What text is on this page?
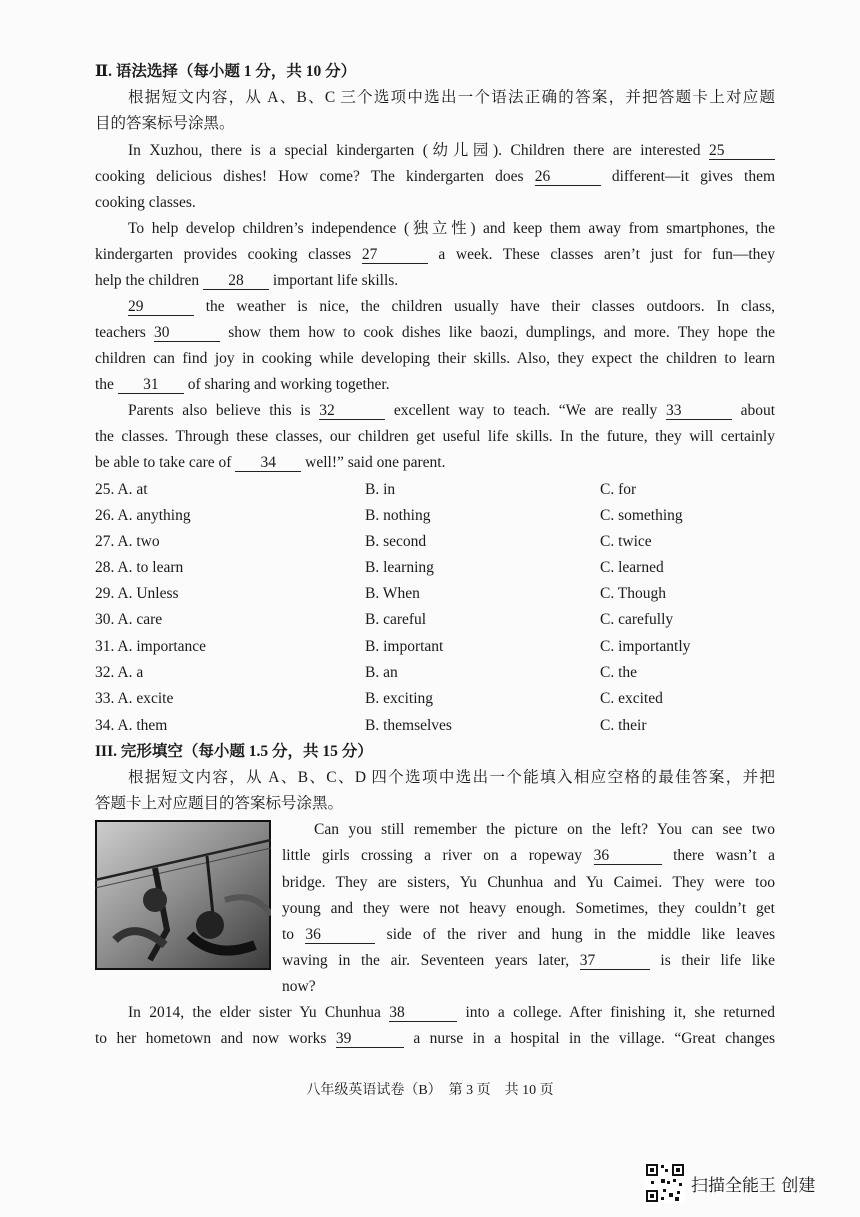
Ⅱ. 语法选择（每小题 1 分，共 10 分）
根据短文内容，从 A、B、C 三个选项中选出一个语法正确的答案，并把答题卡上对应题
目的答案标号涂黑。
In Xuzhou, there is a special kindergarten (幼儿园). Children there are interested 25
cooking delicious dishes! How come? The kindergarten does 26	different—it gives them
cooking classes.
To help develop children’s independence (独立性) and keep them away from smartphones, the
kindergarten provides cooking classes 27	a week. These classes aren’t just for fun—they
help the children 28 important life skills.
29	the weather is nice, the children usually have their classes outdoors. In class,
teachers 30	show them how to cook dishes like baozi, dumplings, and more. They hope the
children can find joy in cooking while developing their skills. Also, they expect the children to learn
the 31 of sharing and working together.
Parents also believe this is 32	excellent way to teach. “We are really 33	about
the classes. Through these classes, our children get useful life skills. In the future, they will certainly
be able to take care of 34 well!” said one parent.
25. A. at	B. in	C. for
26. A. anything	B. nothing	C. something
27. A. two	B. second	C. twice
28. A. to learn	B. learning	C. learned
29. A. Unless	B. When	C. Though
30. A. care	B. careful	C. carefully
31. A. importance	B. important	C. importantly
32. A. a	B. an	C. the
33. A. excite	B. exciting	C. excited
34. A. them	B. themselves	C. their
III. 完形填空（每小题 1.5 分，共 15 分）
根据短文内容，从 A、B、C、D 四个选项中选出一个能填入相应空格的最佳答案，并把
答题卡上对应题目的答案标号涂黑。
Can you still remember the picture on the left? You can see two
little girls crossing a river on a ropeway 36	there wasn’t a
bridge. They are sisters, Yu Chunhua and Yu Caimei. They were too
young and they were not heavy enough. Sometimes, they couldn’t get
to 36	side of the river and hung in the middle like leaves
waving in the air. Seventeen years later, 37	is their life like
now?
In 2014, the elder sister Yu Chunhua 38	into a college. After finishing it, she returned
to her hometown and now works 39	a nurse in a hospital in the village. “Great changes
八年级英语试卷（B）　第 3 页　共 10 页
扫描全能王 创建
